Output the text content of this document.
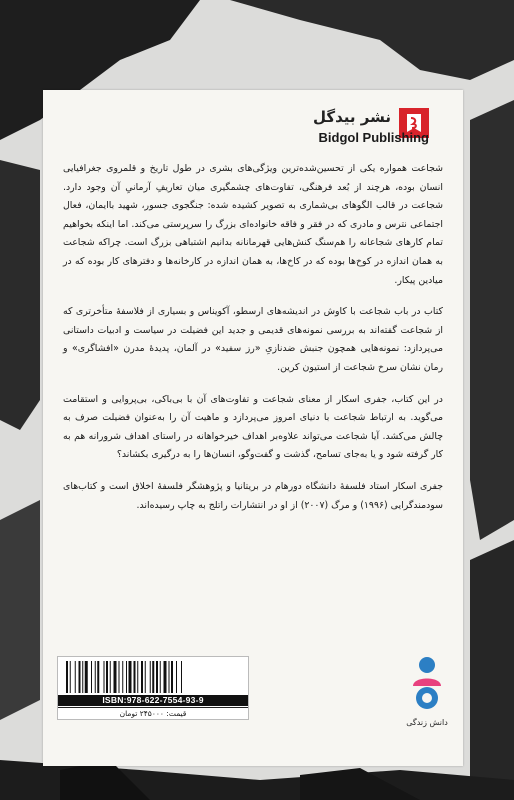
نشر بیدگل
Bidgol Publishing

شجاعت همواره یکی از تحسین‌شده‌ترین ویژگی‌های بشری در طول تاریخ و قلمروی جغرافیایی انسان بوده، هرچند از بُعد فرهنگی، تفاوت‌های چشمگیری میان تعاریفِ آرمانیِ آن وجود دارد. شجاعت در قالب الگوهای بی‌شماری به تصویر کشیده شده: جنگجوی جسور، شهید باایمان، فعال اجتماعی نترس و مادری که در فقر و فاقه خانواده‌ای بزرگ را سرپرستی می‌کند. اما اینکه بخواهیم تمام کارهای شجاعانه را هم‌سنگ کنش‌هایی قهرمانانه بدانیم اشتباهی بزرگ است. چراکه شجاعت به همان اندازه در کوخ‌ها بوده که در کاخ‌ها، به همان اندازه در کارخانه‌ها و دفترهای کار بوده که در میادین پیکار.

کتاب در باب شجاعت با کاوش در اندیشه‌های ارسطو، آکویناس و بسیاری از فلاسفهٔ متأخرتری که از شجاعت گفته‌اند به بررسی نمونه‌های قدیمی و جدید این فضیلت در سیاست و ادبیات داستانی می‌پردازد: نمونه‌هایی همچون جنبش ضدنازیِ «رز سفید» در آلمان، پدیدهٔ مدرن «افشاگری» و رمان نشان سرخ شجاعت از استیون کرین.

در این کتاب، جفری اسکار از معنای شجاعت و تفاوت‌های آن با بی‌باکی، بی‌پروایی و استقامت می‌گوید. به ارتباط شجاعت با دنیای امروز می‌پردازد و ماهیت آن را به‌عنوان فضیلت صرف به چالش می‌کشد. آیا شجاعت می‌تواند علاوه‌بر اهداف خیرخواهانه در راستای اهداف شرورانه هم به کار گرفته شود و یا به‌جای تسامح، گذشت و گفت‌وگو، انسان‌ها را به درگیری بکشاند؟

جفری اسکار استاد فلسفهٔ دانشگاه دورهام در بریتانیا و پژوهشگر فلسفهٔ اخلاق است و کتاب‌های سودمندگرایی (۱۹۹۶) و مرگ (۲۰۰۷) از او در انتشارات راتلج به چاپ رسیده‌اند.

ISBN:978-622-7554-93-9
قیمت: ۲۴۵۰۰۰ تومان
دانش زندگی
